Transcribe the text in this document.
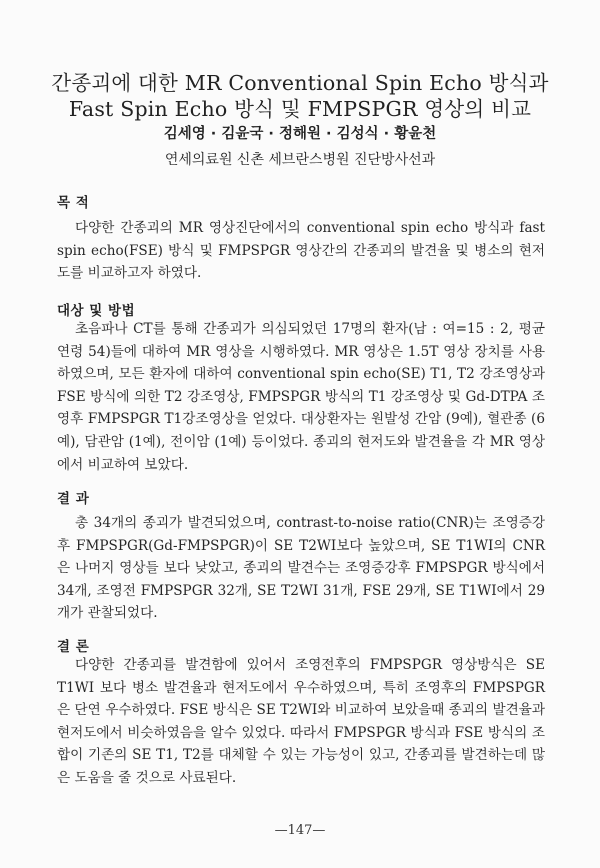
간종괴에 대한 MR Conventional Spin Echo 방식과
Fast Spin Echo 방식 및 FMPSPGR 영상의 비교
김세영 · 김윤국 · 정해원 · 김성식 · 황윤천
연세의료원 신촌 세브란스병원 진단방사선과
목 적
다양한 간종괴의 MR 영상진단에서의 conventional spin echo 방식과 fast spin echo(FSE) 방식 및 FMPSPGR 영상간의 간종괴의 발견율 및 병소의 현저도를 비교하고자 하였다.
대상 및 방법
초음파나 CT를 통해 간종괴가 의심되었던 17명의 환자(남 : 여=15 : 2, 평균 연령 54)들에 대하여 MR 영상을 시행하였다. MR 영상은 1.5T 영상 장치를 사용하였으며, 모든 환자에 대하여 conventional spin echo(SE) T1, T2 강조영상과 FSE 방식에 의한 T2 강조영상, FMPSPGR 방식의 T1 강조영상 및 Gd-DTPA 조영후 FMPSPGR T1강조영상을 얻었다. 대상환자는 원발성 간암 (9예), 혈관종 (6예), 담관암 (1예), 전이암 (1예) 등이었다. 종괴의 현저도와 발견율을 각 MR 영상에서 비교하여 보았다.
결 과
총 34개의 종괴가 발견되었으며, contrast-to-noise ratio(CNR)는 조영증강후 FMPSPGR(Gd-FMPSPGR)이 SE T2WI보다 높았으며, SE T1WI의 CNR은 나머지 영상들 보다 낮았고, 종괴의 발견수는 조영증강후 FMPSPGR 방식에서 34개, 조영전 FMPSPGR 32개, SE T2WI 31개, FSE 29개, SE T1WI에서 29개가 관찰되었다.
결 론
다양한 간종괴를 발견함에 있어서 조영전후의 FMPSPGR 영상방식은 SE T1WI 보다 병소 발견율과 현저도에서 우수하였으며, 특히 조영후의 FMPSPGR은 단연 우수하였다. FSE 방식은 SE T2WI와 비교하여 보았을때 종괴의 발견율과 현저도에서 비슷하였음을 알수 있었다. 따라서 FMPSPGR 방식과 FSE 방식의 조합이 기존의 SE T1, T2를 대체할 수 있는 가능성이 있고, 간종괴를 발견하는데 많은 도움을 줄 것으로 사료된다.
—147—
